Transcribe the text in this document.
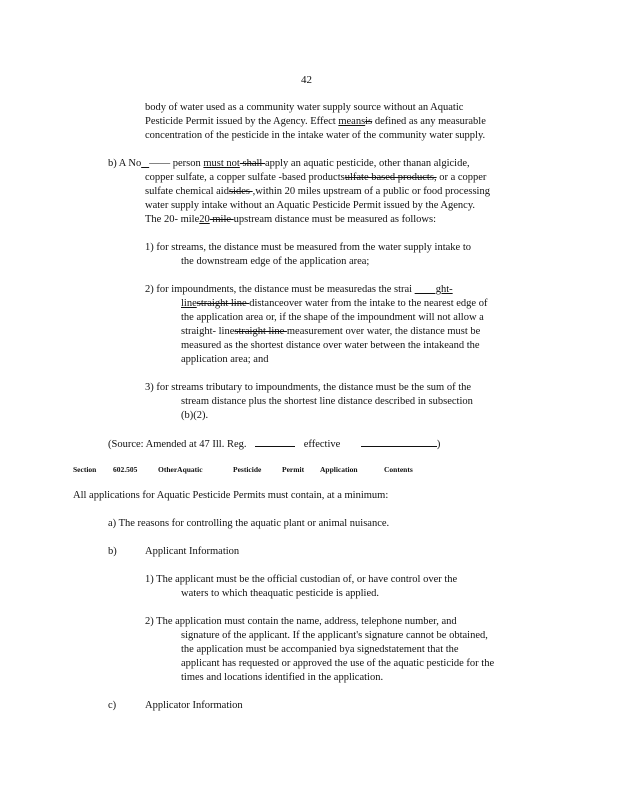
42
body of water used as a community water supply source without an Aquatic
Pesticide Permit issued by the Agency. Effect meansis defined as any measurable
concentration of the pesticide in the intake water of the community water supply.
b) A No_ —— person must not shall apply an aquatic pesticide, other thanan algicide,
copper sulfate, a copper sulfate -based productsulfate based products, or a copper
sulfate chemical aidsides ,within 20 miles upstream of a public or food processing
water supply intake without an Aquatic Pesticide Permit issued by the Agency.
The 20- mile20 mile upstream distance must be measured as follows:
1) for streams, the distance must be measured from the water supply intake to
the downstream edge of the application area;
2) for impoundments, the distance must be measuredas the strai ____ght-
linestraight line distanceover water from the intake to the nearest edge of
the application area or, if the shape of the impoundment will not allow a
straight- linestraight line measurement over water, the distance must be
measured as the shortest distance over water between the intakeand the
application area; and
3) for streams tributary to impoundments, the distance must be the sum of the
stream distance plus the shortest line distance described in subsection
(b)(2).
(Source: Amended at 47 Ill. Reg.	effective	)
Section 602.505	OtherAquatic	Pesticide	Permit Application	Contents
All applications for Aquatic Pesticide Permits must contain, at a minimum:
a) The reasons for controlling the aquatic plant or animal nuisance.
b)	Applicant Information
1) The applicant must be the official custodian of, or have control over the
waters to which theaquatic pesticide is applied.
2) The application must contain the name, address, telephone number, and
signature of the applicant. If the applicant's signature cannot be obtained,
the application must be accompanied bya signedstatement that the
applicant has requested or approved the use of the aquatic pesticide for the
times and locations identified in the application.
c)	Applicator Information
